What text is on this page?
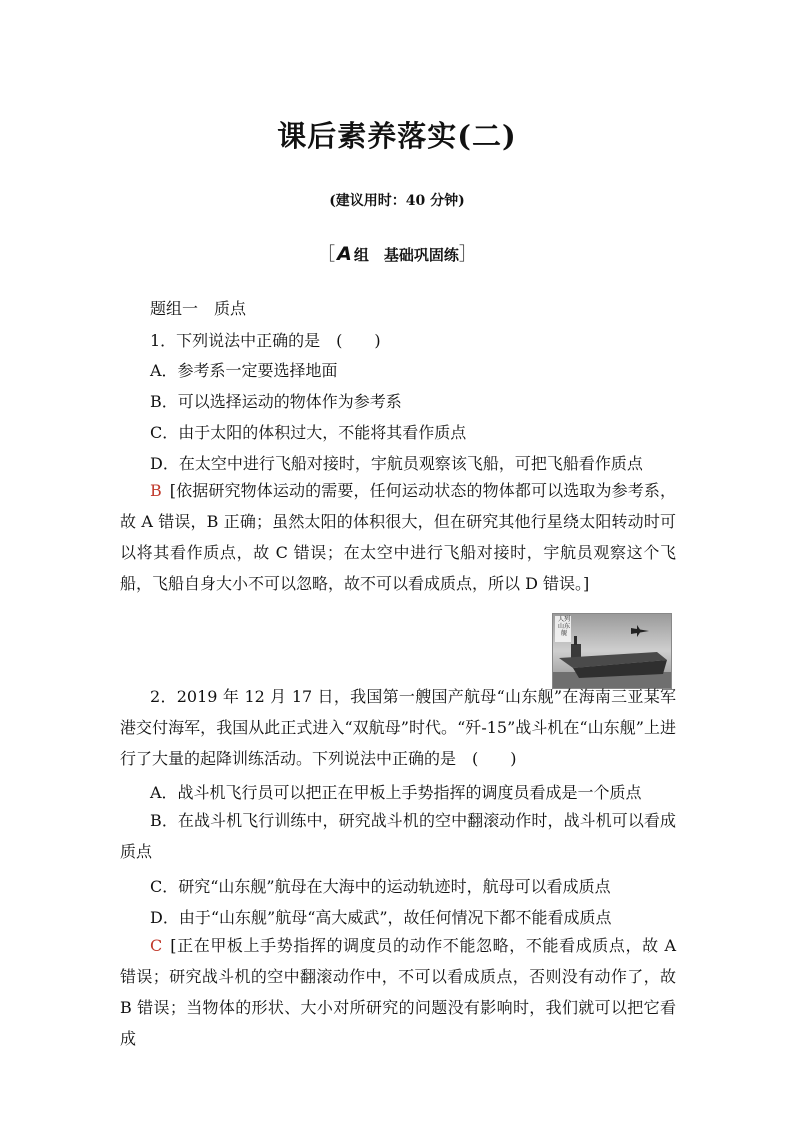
课后素养落实(二)
(建议用时：40 分钟)
［ A 组　基础巩固练］
题组一　质点
1．下列说法中正确的是　(　　)
A．参考系一定要选择地面
B．可以选择运动的物体作为参考系
C．由于太阳的体积过大，不能将其看作质点
D．在太空中进行飞船对接时，宇航员观察该飞船，可把飞船看作质点
B [依据研究物体运动的需要，任何运动状态的物体都可以选取为参考系，故 A 错误，B 正确；虽然太阳的体积很大，但在研究其他行星绕太阳转动时可以将其看作质点，故 C 错误；在太空中进行飞船对接时，宇航员观察这个飞船，飞船自身大小不可以忽略，故不可以看成质点，所以 D 错误。]
人列
山东
舰
2．2019 年 12 月 17 日，我国第一艘国产航母“山东舰”在海南三亚某军港交付海军，我国从此正式进入“双航母”时代。“歼-15”战斗机在“山东舰”上进行了大量的起降训练活动。下列说法中正确的是　(　　)
A．战斗机飞行员可以把正在甲板上手势指挥的调度员看成是一个质点
B．在战斗机飞行训练中，研究战斗机的空中翻滚动作时，战斗机可以看成质点
C．研究“山东舰”航母在大海中的运动轨迹时，航母可以看成质点
D．由于“山东舰”航母“高大威武”，故任何情况下都不能看成质点
C [正在甲板上手势指挥的调度员的动作不能忽略，不能看成质点，故 A 错误；研究战斗机的空中翻滚动作中，不可以看成质点，否则没有动作了，故 B 错误；当物体的形状、大小对所研究的问题没有影响时，我们就可以把它看成
